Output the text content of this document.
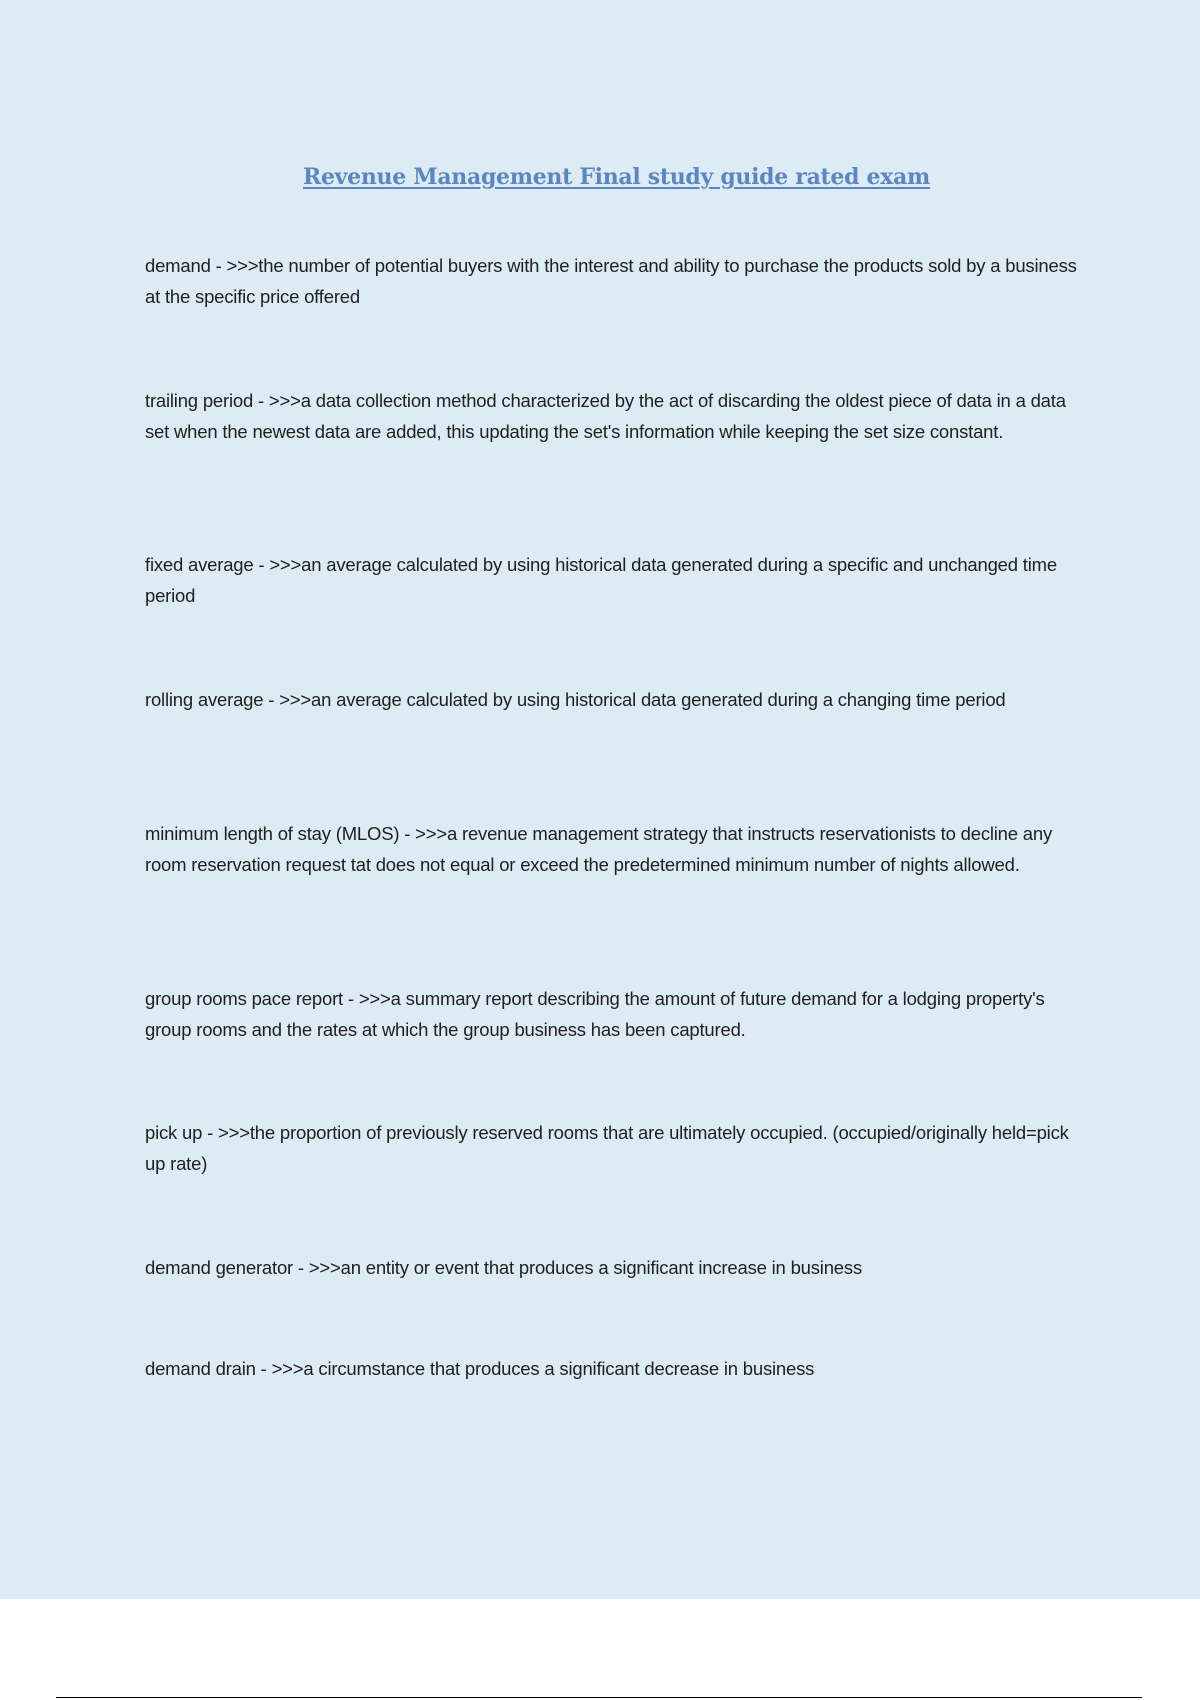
Revenue Management Final study guide rated exam

demand - >>>the number of potential buyers with the interest and ability to purchase the products sold by a business at the specific price offered

trailing period - >>>a data collection method characterized by the act of discarding the oldest piece of data in a data set when the newest data are added, this updating the set's information while keeping the set size constant.

fixed average - >>>an average calculated by using historical data generated during a specific and unchanged time period

rolling average - >>>an average calculated by using historical data generated during a changing time period

minimum length of stay (MLOS) - >>>a revenue management strategy that instructs reservationists to decline any room reservation request tat does not equal or exceed the predetermined minimum number of nights allowed.

group rooms pace report - >>>a summary report describing the amount of future demand for a lodging property's group rooms and the rates at which the group business has been captured.

pick up - >>>the proportion of previously reserved rooms that are ultimately occupied. (occupied/originally held=pick up rate)

demand generator - >>>an entity or event that produces a significant increase in business

demand drain - >>>a circumstance that produces a significant decrease in business
